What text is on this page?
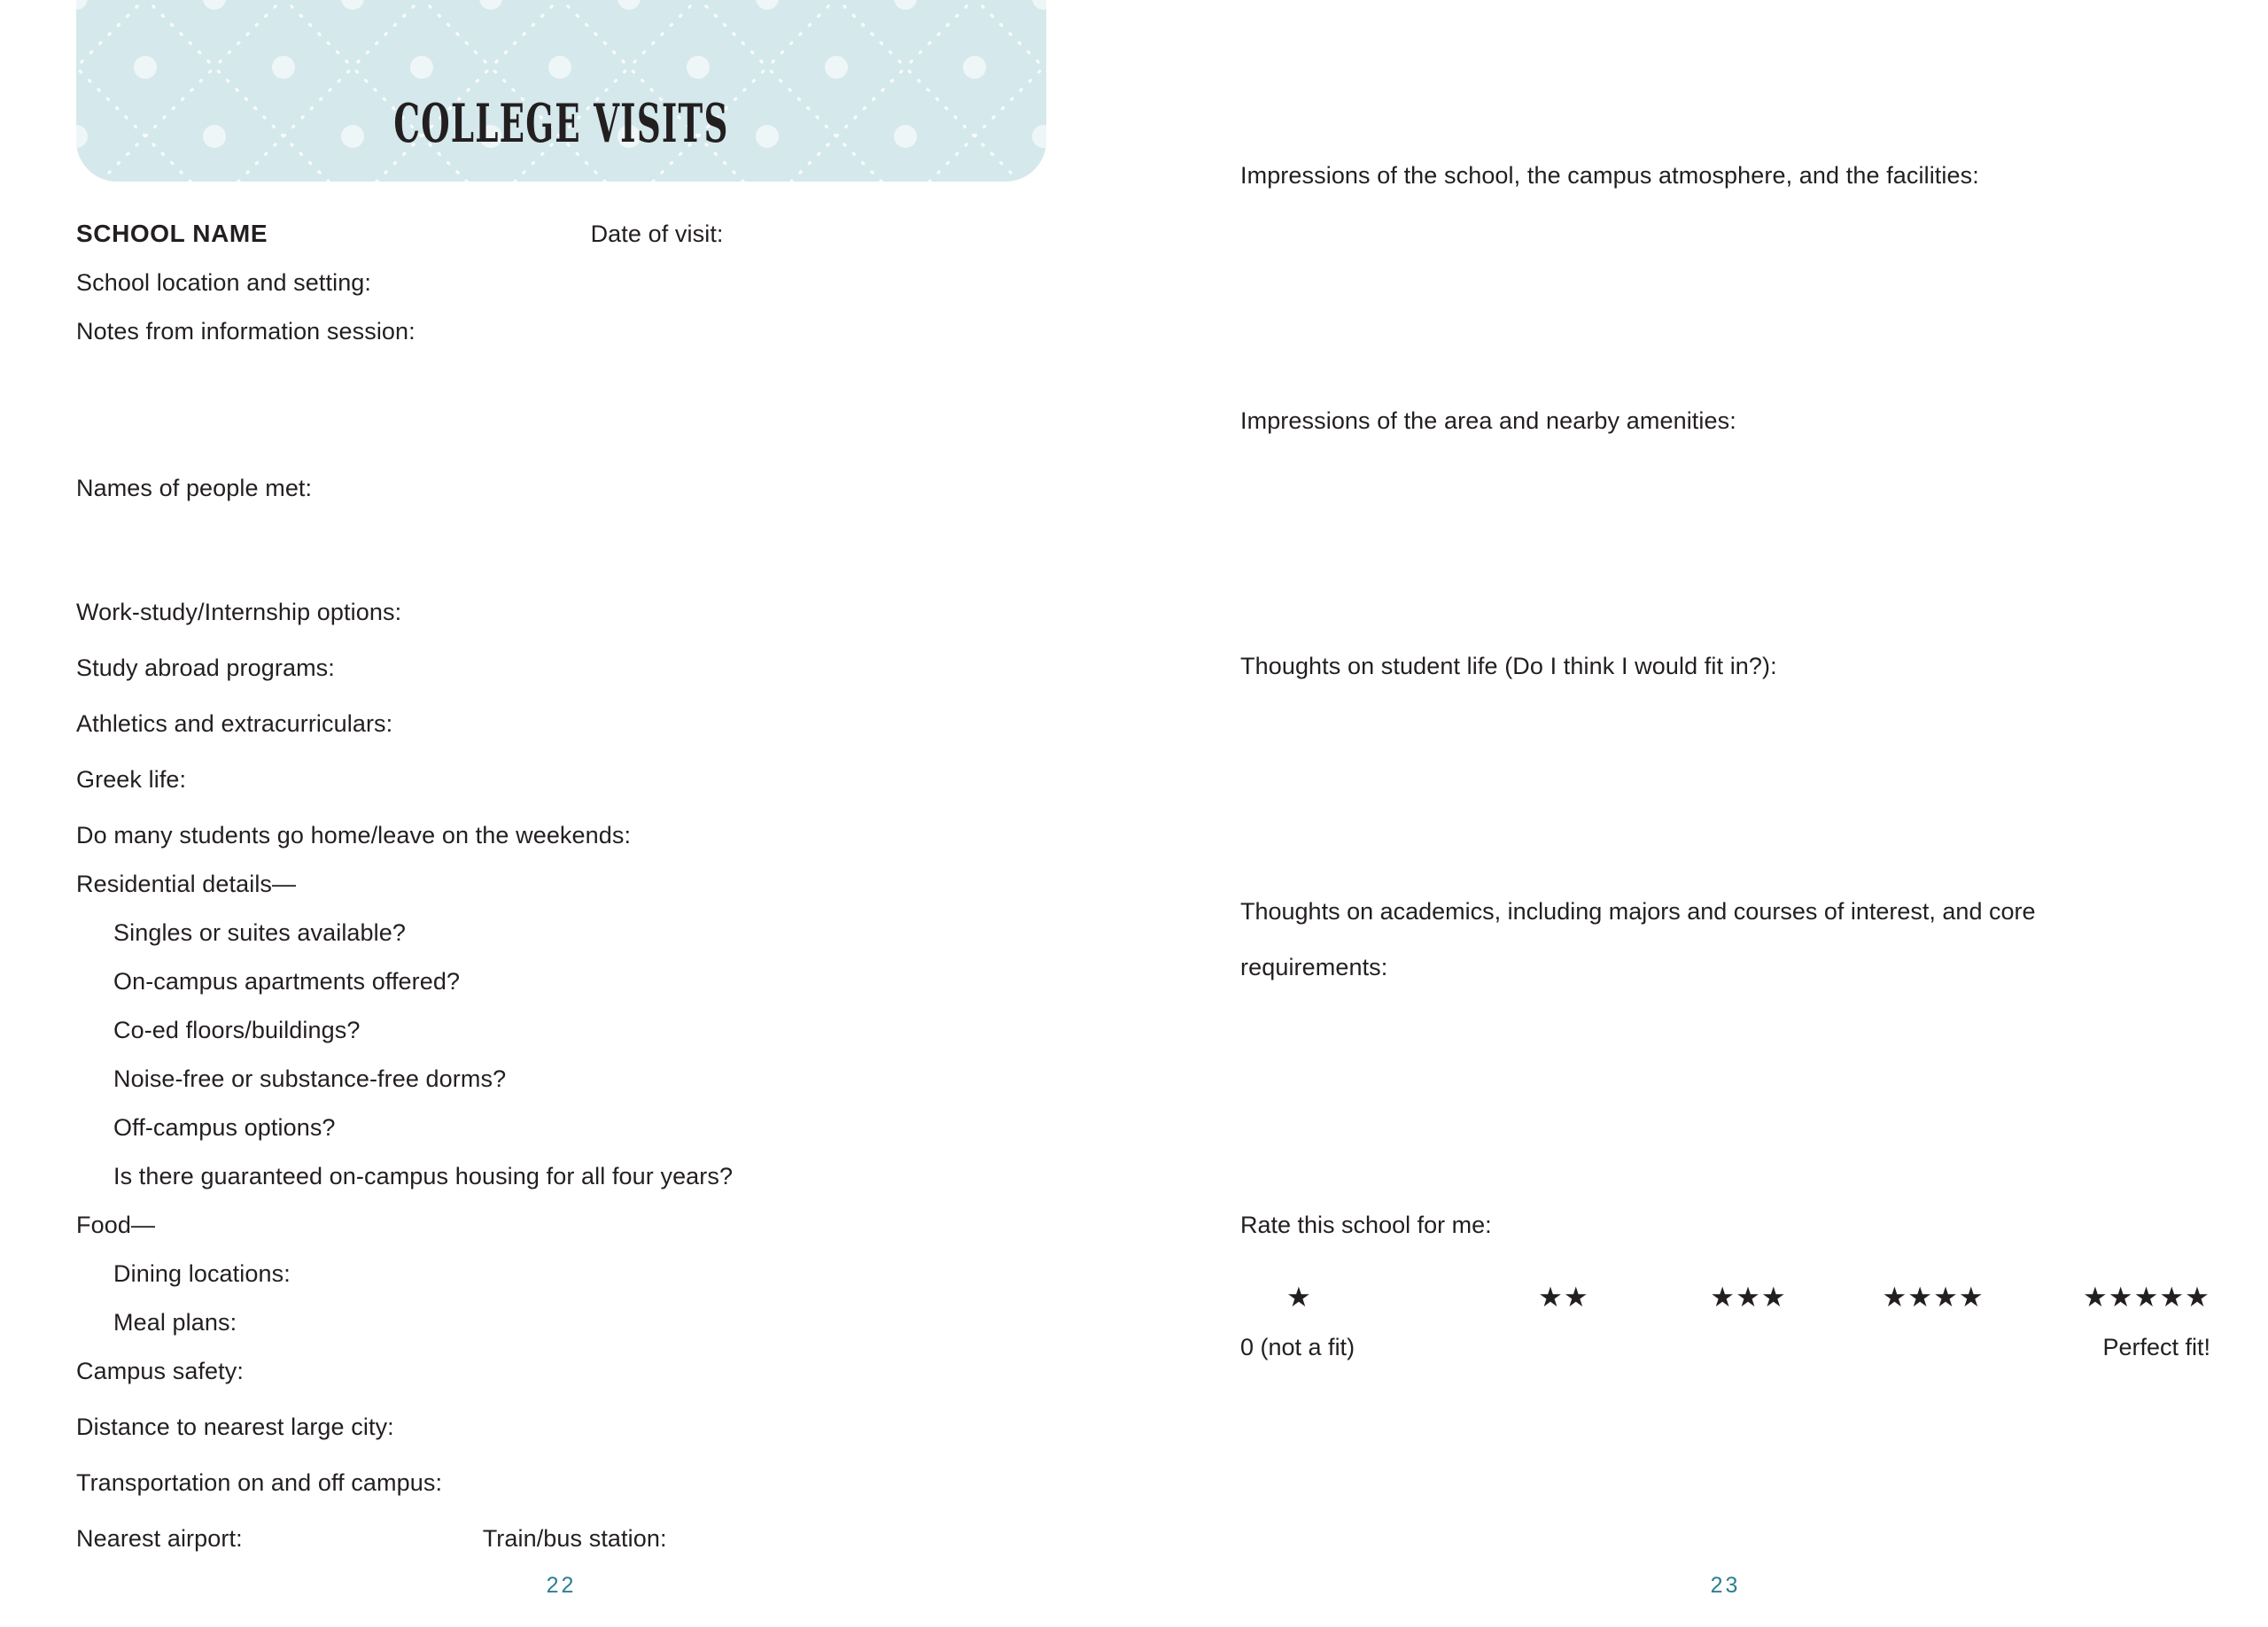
COLLEGE VISITS
SCHOOL NAME	Date of visit:
School location and setting:
Notes from information session:
Names of people met:
Work-study/Internship options:
Study abroad programs:
Athletics and extracurriculars:
Greek life:
Do many students go home/leave on the weekends:
Residential details—
Singles or suites available?
On-campus apartments offered?
Co-ed floors/buildings?
Noise-free or substance-free dorms?
Off-campus options?
Is there guaranteed on-campus housing for all four years?
Food—
Dining locations:
Meal plans:
Campus safety:
Distance to nearest large city:
Transportation on and off campus:
Nearest airport:	Train/bus station:
Impressions of the school, the campus atmosphere, and the facilities:
Impressions of the area and nearby amenities:
Thoughts on student life (Do I think I would fit in?):
Thoughts on academics, including majors and courses of interest, and core
requirements:
Rate this school for me:
★	★★	★★★	★★★★	★★★★★
0 (not a fit)	Perfect fit!
22	23
